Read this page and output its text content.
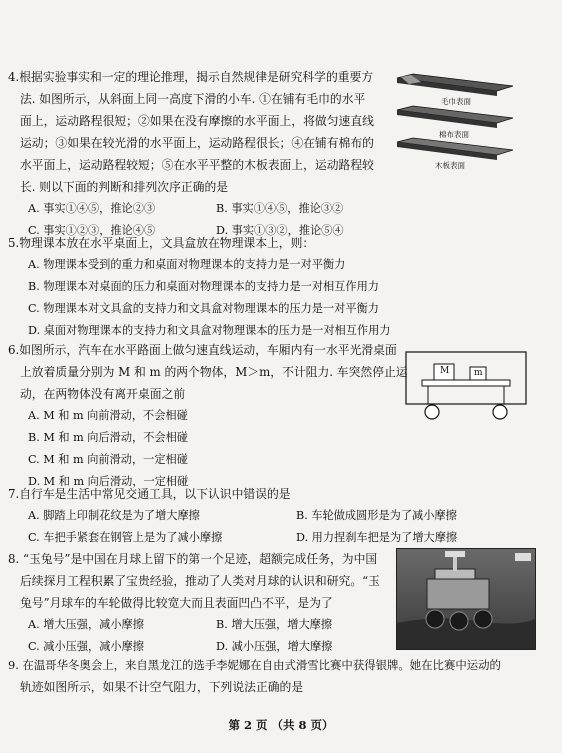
4.根据实验事实和一定的理论推理，揭示自然规律是研究科学的重要方
法. 如图所示，从斜面上同一高度下滑的小车. ①在铺有毛巾的水平
面上，运动路程很短；②如果在没有摩擦的水平面上，将做匀速直线
运动；③如果在较光滑的水平面上，运动路程很长；④在铺有棉布的
水平面上，运动路程较短；⑤在水平平整的木板表面上，运动路程较
长. 则以下面的判断和排列次序正确的是
A. 事实①④⑤，推论②③	B. 事实①④⑤，推论③②
C. 事实①②③，推论④⑤	D. 事实①③②，推论⑤④
毛巾表面
棉布表面
木板表面
5.物理课本放在水平桌面上，文具盒放在物理课本上，则：
A. 物理课本受到的重力和桌面对物理课本的支持力是一对平衡力
B. 物理课本对桌面的压力和桌面对物理课本的支持力是一对相互作用力
C. 物理课本对文具盒的支持力和文具盒对物理课本的压力是一对平衡力
D. 桌面对物理课本的支持力和文具盒对物理课本的压力是一对相互作用力
6.如图所示，汽车在水平路面上做匀速直线运动，车厢内有一水平光滑桌面
上放着质量分别为 M 和 m 的两个物体，M＞m，不计阻力. 车突然停止运
动，在两物体没有离开桌面之前
A. M 和 m 向前滑动，不会相碰
B. M 和 m 向后滑动，不会相碰
C. M 和 m 向前滑动，一定相碰
D. M 和 m 向后滑动，一定相碰
M	m
7.自行车是生活中常见交通工具，以下认识中错误的是
A. 脚踏上印制花纹是为了增大摩擦	B. 车轮做成圆形是为了减小摩擦
C. 车把手紧套在钢管上是为了减小摩擦	D. 用力捏刹车把是为了增大摩擦
8. “玉兔号”是中国在月球上留下的第一个足迹，超额完成任务，为中国
后续探月工程积累了宝贵经验，推动了人类对月球的认识和研究。“玉
兔号”月球车的车轮做得比较宽大而且表面凹凸不平，是为了
A. 增大压强，减小摩擦	B. 增大压强，增大摩擦
C. 减小压强，减小摩擦	D. 减小压强，增大摩擦
9. 在温哥华冬奥会上，来自黑龙江的选手李妮娜在自由式滑雪比赛中获得银牌。她在比赛中运动的
轨迹如图所示，如果不计空气阻力，下列说法正确的是
第 2 页 （共 8 页）
